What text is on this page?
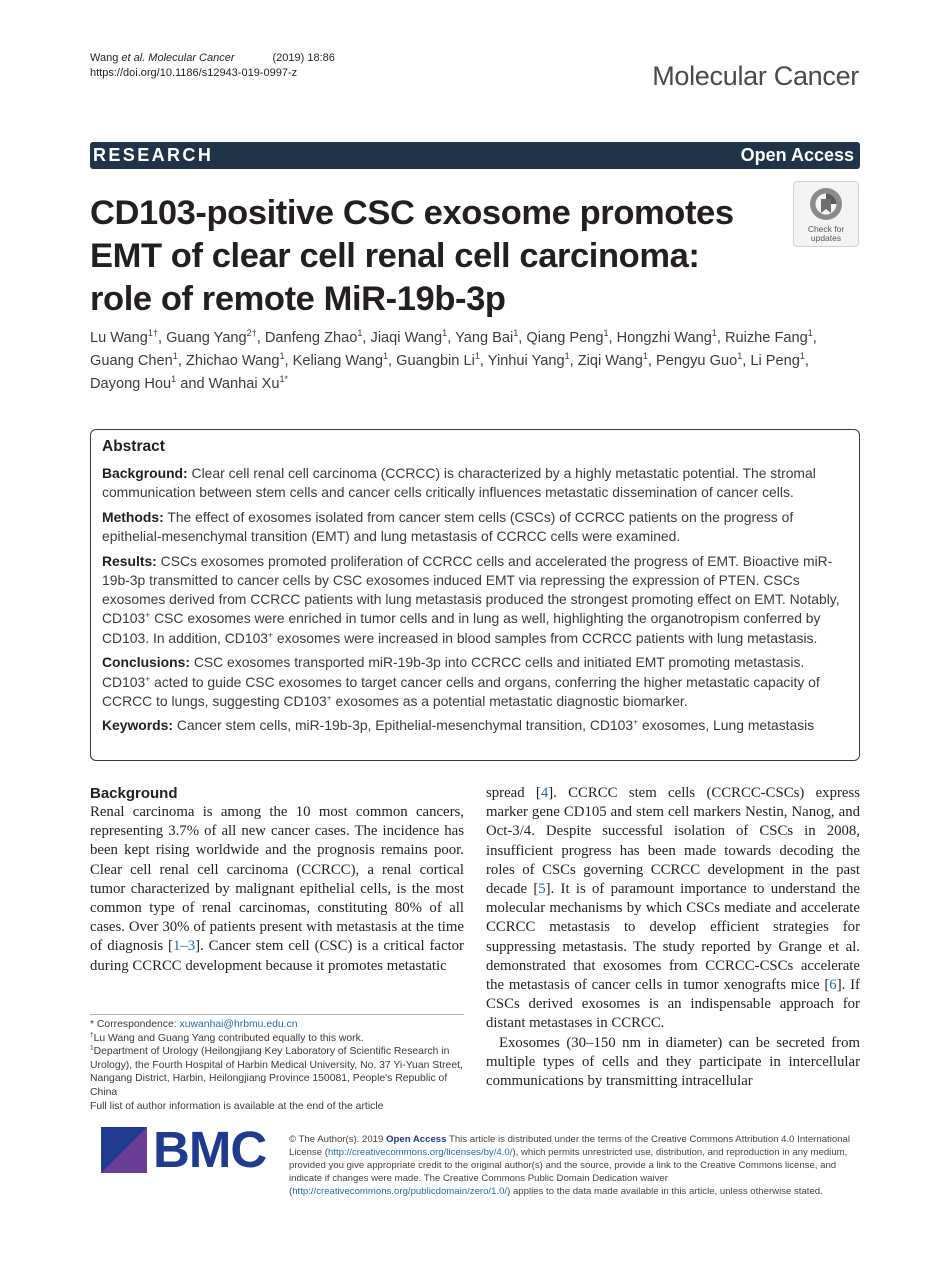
Wang et al. Molecular Cancer	(2019) 18:86
https://doi.org/10.1186/s12943-019-0997-z	Molecular Cancer
RESEARCH	Open Access
CD103-positive CSC exosome promotes EMT of clear cell renal cell carcinoma: role of remote MiR-19b-3p
Check for
updates
Lu Wang$^{1\dagger}$, Guang Yang$^{2\dagger}$, Danfeng Zhao$^1$, Jiaqi Wang$^1$, Yang Bai$^1$, Qiang Peng$^1$, Hongzhi Wang$^1$, Ruizhe Fang$^1$, Guang Chen$^1$, Zhichao Wang$^1$, Keliang Wang$^1$, Guangbin Li$^1$, Yinhui Yang$^1$, Ziqi Wang$^1$, Pengyu Guo$^1$, Li Peng$^1$, Dayong Hou$^1$ and Wanhai $Xu^{1*}$
Abstract

Background: Clear cell renal cell carcinoma (CCRCC) is characterized by a highly metastatic potential. The stromal communication between stem cells and cancer cells critically influences metastatic dissemination of cancer cells.

Methods: The effect of exosomes isolated from cancer stem cells (CSCs) of CCRCC patients on the progress of epithelial-mesenchymal transition (EMT) and lung metastasis of CCRCC cells were examined.

Results: CSCs exosomes promoted proliferation of CCRCC cells and accelerated the progress of EMT. Bioactive miR-19b-3p transmitted to cancer cells by CSC exosomes induced EMT via repressing the expression of PTEN. CSCs exosomes derived from CCRCC patients with lung metastasis produced the strongest promoting effect on EMT. Notably, CD103+ CSC exosomes were enriched in tumor cells and in lung as well, highlighting the organotropism conferred by CD103. In addition, CD103+ exosomes were increased in blood samples from CCRCC patients with lung metastasis.

Conclusions: CSC exosomes transported miR-19b-3p into CCRCC cells and initiated EMT promoting metastasis. CD103+ acted to guide CSC exosomes to target cancer cells and organs, conferring the higher metastatic capacity of CCRCC to lungs, suggesting CD103+ exosomes as a potential metastatic diagnostic biomarker.

Keywords: Cancer stem cells, miR-19b-3p, Epithelial-mesenchymal transition, CD103+ exosomes, Lung metastasis

Background

Renal carcinoma is among the 10 most common cancers, representing 3.7% of all new cancer cases. The incidence has been kept rising worldwide and the prognosis remains poor. Clear cell renal cell carcinoma (CCRCC), a renal cortical tumor characterized by malignant epithelial cells, is the most common type of renal carcinomas, constituting 80% of all cases. Over 30% of patients present with metastasis at the time of diagnosis [1–3]. Cancer stem cell (CSC) is a critical factor during CCRCC development because it promotes metastatic

spread [4]. CCRCC stem cells (CCRCC-CSCs) express marker gene CD105 and stem cell markers Nestin, Nanog, and Oct-3/4. Despite successful isolation of CSCs in 2008, insufficient progress has been made towards decoding the roles of CSCs governing CCRCC development in the past decade [5]. It is of paramount importance to understand the molecular mechanisms by which CSCs mediate and accelerate CCRCC metastasis to develop efficient strategies for suppressing metastasis. The study reported by Grange et al. demonstrated that exosomes from CCRCC-CSCs accelerate the metastasis of cancer cells in tumor xenografts mice [6]. If CSCs derived exosomes is an indispensable approach for distant metastases in CCRCC.

Exosomes (30–150 nm in diameter) can be secreted from multiple types of cells and they participate in intercellular communications by transmitting intracellular

* Correspondence: xuwanhai@hrbmu.edu.cn
†Lu Wang and Guang Yang contributed equally to this work.
$^1$Department of Urology (Heilongjiang Key Laboratory of Scientific Research in Urology), the Fourth Hospital of Harbin Medical University, No. 37 Yi-Yuan Street, Nangang District, Harbin, Heilongjiang Province 150081, People's Republic of China
Full list of author information is available at the end of the article
BMC © The Author(s). 2019 Open Access This article is distributed under the terms of the Creative Commons Attribution 4.0 International License (http://creativecommons.org/licenses/by/4.0/), which permits unrestricted use, distribution, and reproduction in any medium, provided you give appropriate credit to the original author(s) and the source, provide a link to the Creative Commons license, and indicate if changes were made. The Creative Commons Public Domain Dedication waiver (http://creativecommons.org/publicdomain/zero/1.0/) applies to the data made available in this article, unless otherwise stated.
